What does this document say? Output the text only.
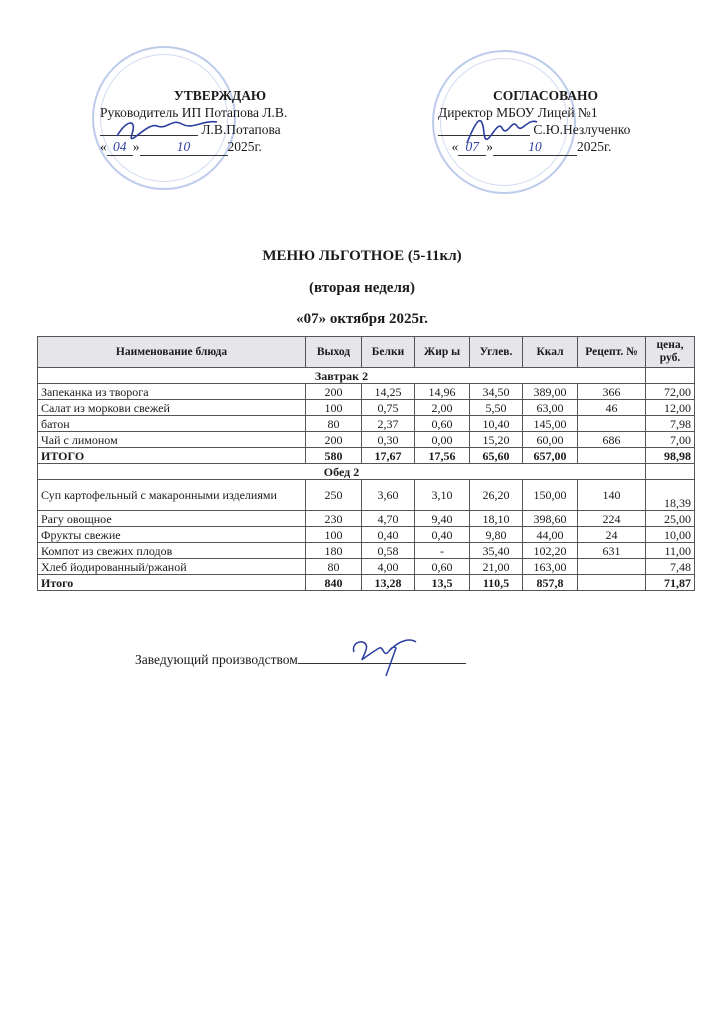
УТВЕРЖДАЮ
Руководитель ИП Потапова Л.В.

Л.В.Потапова
« 04 »	10	2025г.
СОГЛАСОВАНО
Директор МБОУ Лицей №1

С.Ю.Незлученко
« 07 »	10	2025г.
МЕНЮ ЛЬГОТНОЕ (5-11кл)
(вторая неделя)
«07» октября 2025г.
Наименование блюда	Выход	Белки	Жир ы	Углев.	Ккал	Рецепт. №	цена, руб.
Завтрак 2							
Запеканка из творога	200	14,25	14,96	34,50	389,00	366	72,00
Салат из моркови свежей	100	0,75	2,00	5,50	63,00	46	12,00
батон	80	2,37	0,60	10,40	145,00		7,98
Чай с лимоном	200	0,30	0,00	15,20	60,00	686	7,00
ИТОГО	580	17,67	17,56	65,60	657,00		98,98
Обед 2							
Суп картофельный с макаронными изделиями	250	3,60	3,10	26,20	150,00	140	18,39
Рагу овощное	230	4,70	9,40	18,10	398,60	224	25,00
Фрукты свежие	100	0,40	0,40	9,80	44,00	24	10,00
Компот из свежих плодов	180	0,58	-	35,40	102,20	631	11,00
Хлеб йодированный/ржаной	80	4,00	0,60	21,00	163,00		7,48
Итого	840	13,28	13,5	110,5	857,8		71,87
Заведующий производством
